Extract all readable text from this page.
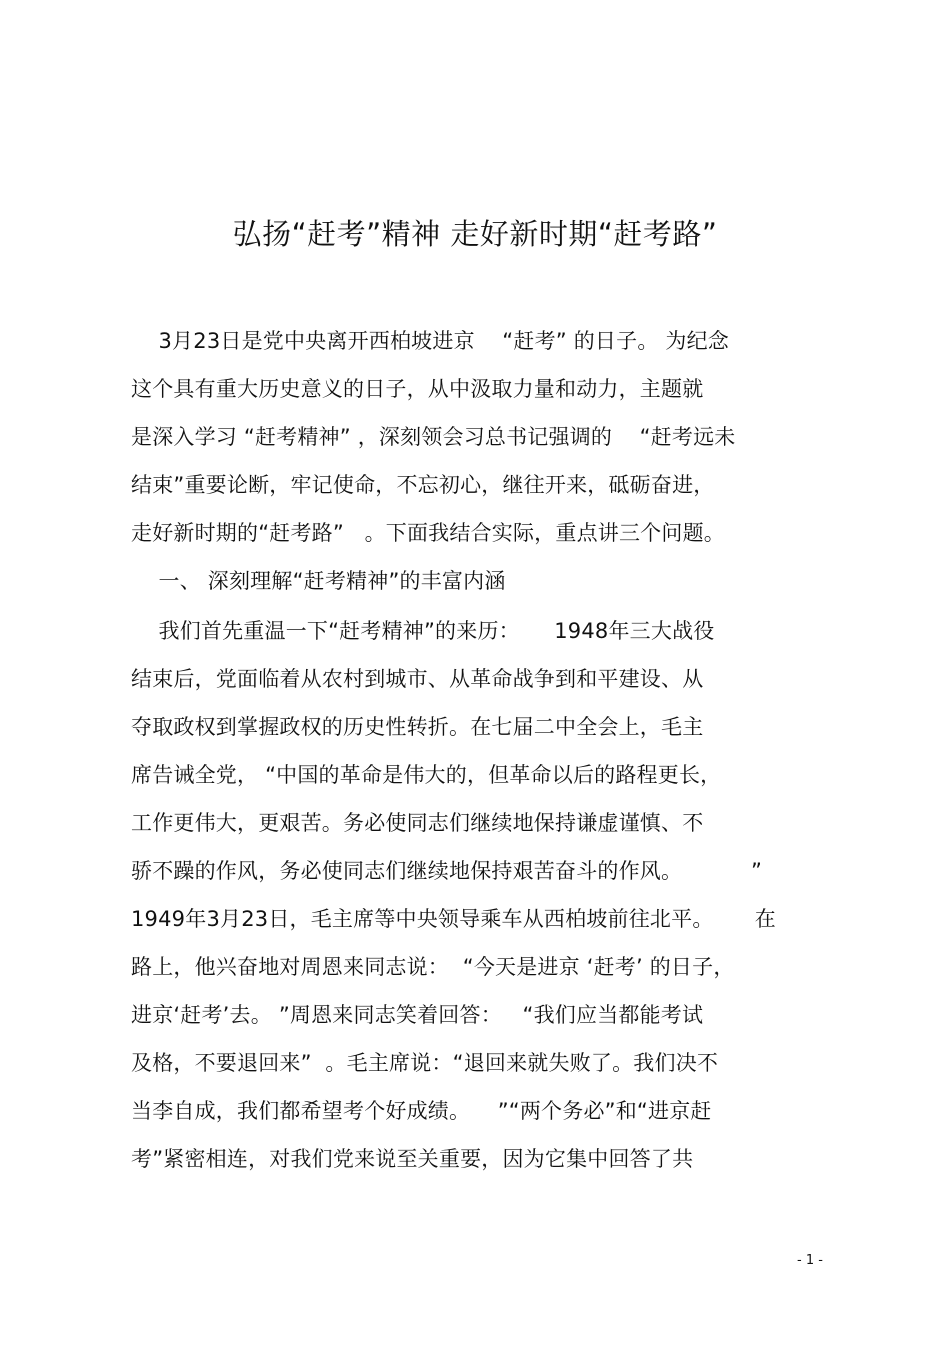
弘扬“赶考”精神 走好新时期“赶考路”
3月23日是党中央离开西柏坡进京    “赶考” 的日子。 为纪念
这个具有重大历史意义的日子，从中汲取力量和动力，主题就
是深入学习 “赶考精神” ，深刻领会习总书记强调的    “赶考远未
结束”重要论断，牢记使命，不忘初心，继往开来，砥砺奋进，
走好新时期的“赶考路”   。下面我结合实际，重点讲三个问题。
一、 深刻理解“赶考精神”的丰富内涵
我们首先重温一下“赶考精神”的来历：     1948年三大战役
结束后，党面临着从农村到城市、从革命战争到和平建设、从
夺取政权到掌握政权的历史性转折。在七届二中全会上，毛主
席告诫全党， “中国的革命是伟大的，但革命以后的路程更长，
工作更伟大，更艰苦。务必使同志们继续地保持谦虚谨慎、不
骄不躁的作风，务必使同志们继续地保持艰苦奋斗的作风。          ”
1949年3月23日，毛主席等中央领导乘车从西柏坡前往北平。      在
路上，他兴奋地对周恩来同志说：  “今天是进京 ‘赶考’ 的日子，
进京‘赶考’去。 ”周恩来同志笑着回答：   “我们应当都能考试
及格，不要退回来”  。毛主席说：“退回来就失败了。我们决不
当李自成，我们都希望考个好成绩。    ”“两个务必”和“进京赶
考”紧密相连，对我们党来说至关重要，因为它集中回答了共
- 1 -
